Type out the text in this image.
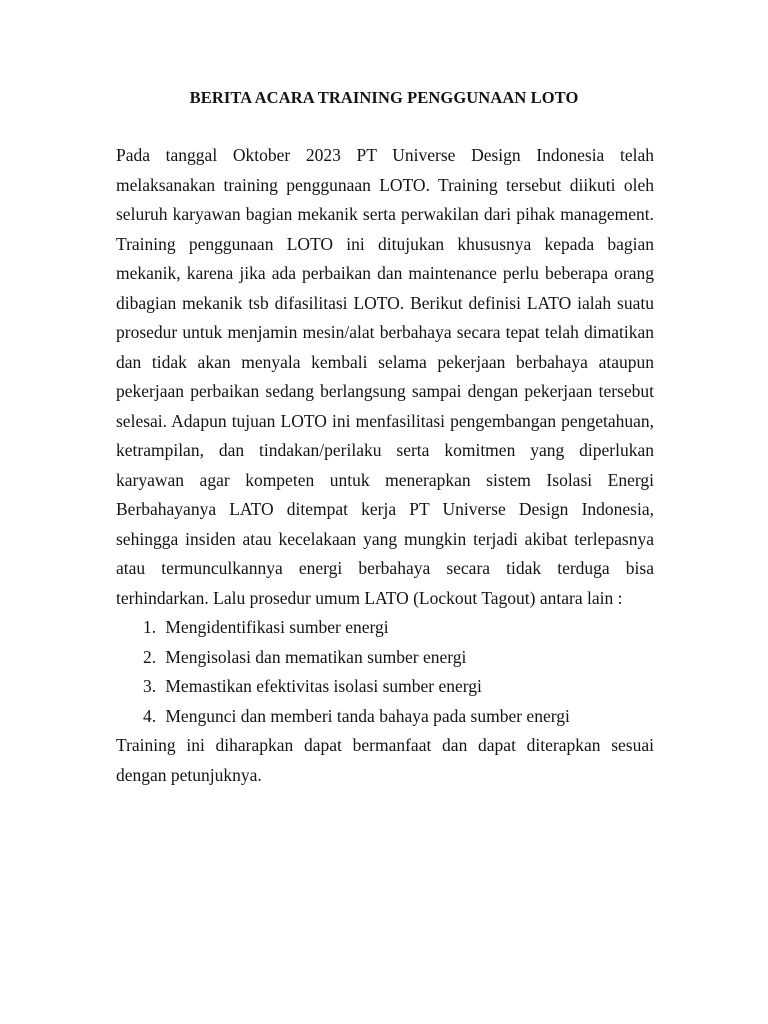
BERITA ACARA TRAINING PENGGUNAAN LOTO

Pada tanggal Oktober 2023 PT Universe Design Indonesia telah melaksanakan training penggunaan LOTO. Training tersebut diikuti oleh seluruh karyawan bagian mekanik serta perwakilan dari pihak management. Training penggunaan LOTO ini ditujukan khususnya kepada bagian mekanik, karena jika ada perbaikan dan maintenance perlu beberapa orang dibagian mekanik tsb difasilitasi LOTO. Berikut definisi LATO ialah suatu prosedur untuk menjamin mesin/alat berbahaya secara tepat telah dimatikan dan tidak akan menyala kembali selama pekerjaan berbahaya ataupun pekerjaan perbaikan sedang berlangsung sampai dengan pekerjaan tersebut selesai. Adapun tujuan LOTO ini menfasilitasi pengembangan pengetahuan, ketrampilan, dan tindakan/perilaku serta komitmen yang diperlukan karyawan agar kompeten untuk menerapkan sistem Isolasi Energi Berbahayanya LATO ditempat kerja PT Universe Design Indonesia, sehingga insiden atau kecelakaan yang mungkin terjadi akibat terlepasnya atau termunculkannya energi berbahaya secara tidak terduga bisa terhindarkan. Lalu prosedur umum LATO (Lockout Tagout) antara lain :

1. Mengidentifikasi sumber energi
2. Mengisolasi dan mematikan sumber energi
3. Memastikan efektivitas isolasi sumber energi
4. Mengunci dan memberi tanda bahaya pada sumber energi

Training ini diharapkan dapat bermanfaat dan dapat diterapkan sesuai dengan petunjuknya.
